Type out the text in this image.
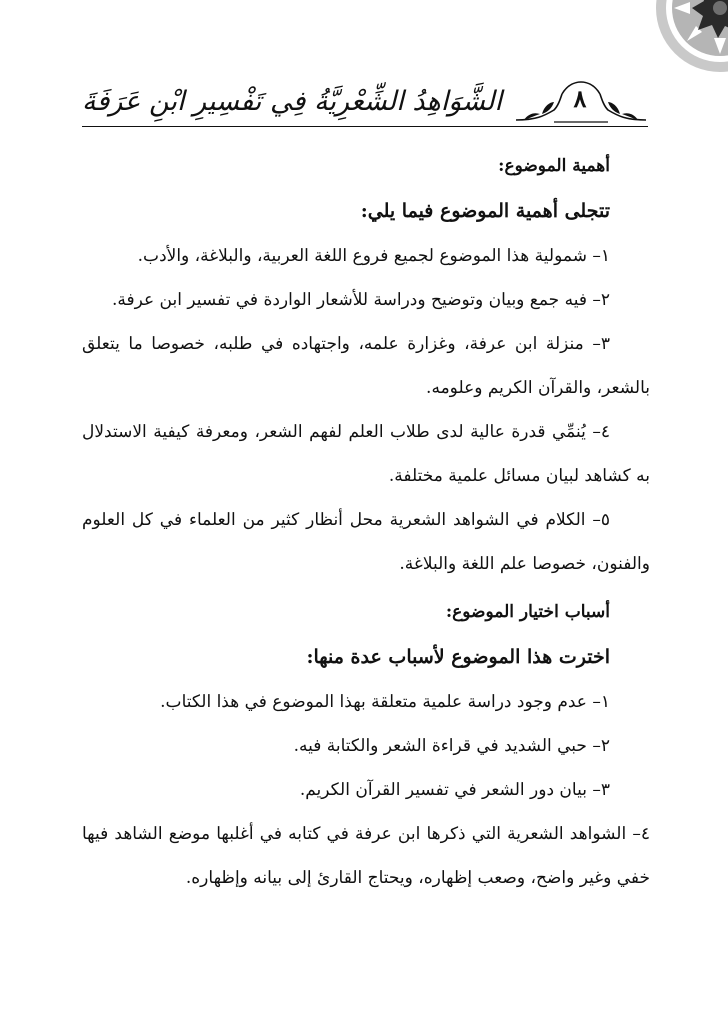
الشَّوَاهِدُ الشِّعْرِيَّةُ فِي تَفْسِيرِ ابْنِ عَرَفَةَ	٨

أهمية الموضوع:

تتجلى أهمية الموضوع فيما يلي:

١– شمولية هذا الموضوع لجميع فروع اللغة العربية، والبلاغة، والأدب.

٢– فيه جمع وبيان وتوضيح ودراسة للأشعار الواردة في تفسير ابن عرفة.

٣– منزلة ابن عرفة، وغزارة علمه، واجتهاده في طلبه، خصوصا ما يتعلق بالشعر، والقرآن الكريم وعلومه.

٤– يُنمِّي قدرة عالية لدى طلاب العلم لفهم الشعر، ومعرفة كيفية الاستدلال به كشاهد لبيان مسائل علمية مختلفة.

٥– الكلام في الشواهد الشعرية محل أنظار كثير من العلماء في كل العلوم والفنون، خصوصا علم اللغة والبلاغة.

أسباب اختيار الموضوع:

اخترت هذا الموضوع لأسباب عدة منها:

١– عدم وجود دراسة علمية متعلقة بهذا الموضوع في هذا الكتاب.

٢– حبي الشديد في قراءة الشعر والكتابة فيه.

٣– بيان دور الشعر في تفسير القرآن الكريم.

٤– الشواهد الشعرية التي ذكرها ابن عرفة في كتابه في أغلبها موضع الشاهد فيها خفي وغير واضح، وصعب إظهاره، ويحتاج القارئ إلى بيانه وإظهاره.
